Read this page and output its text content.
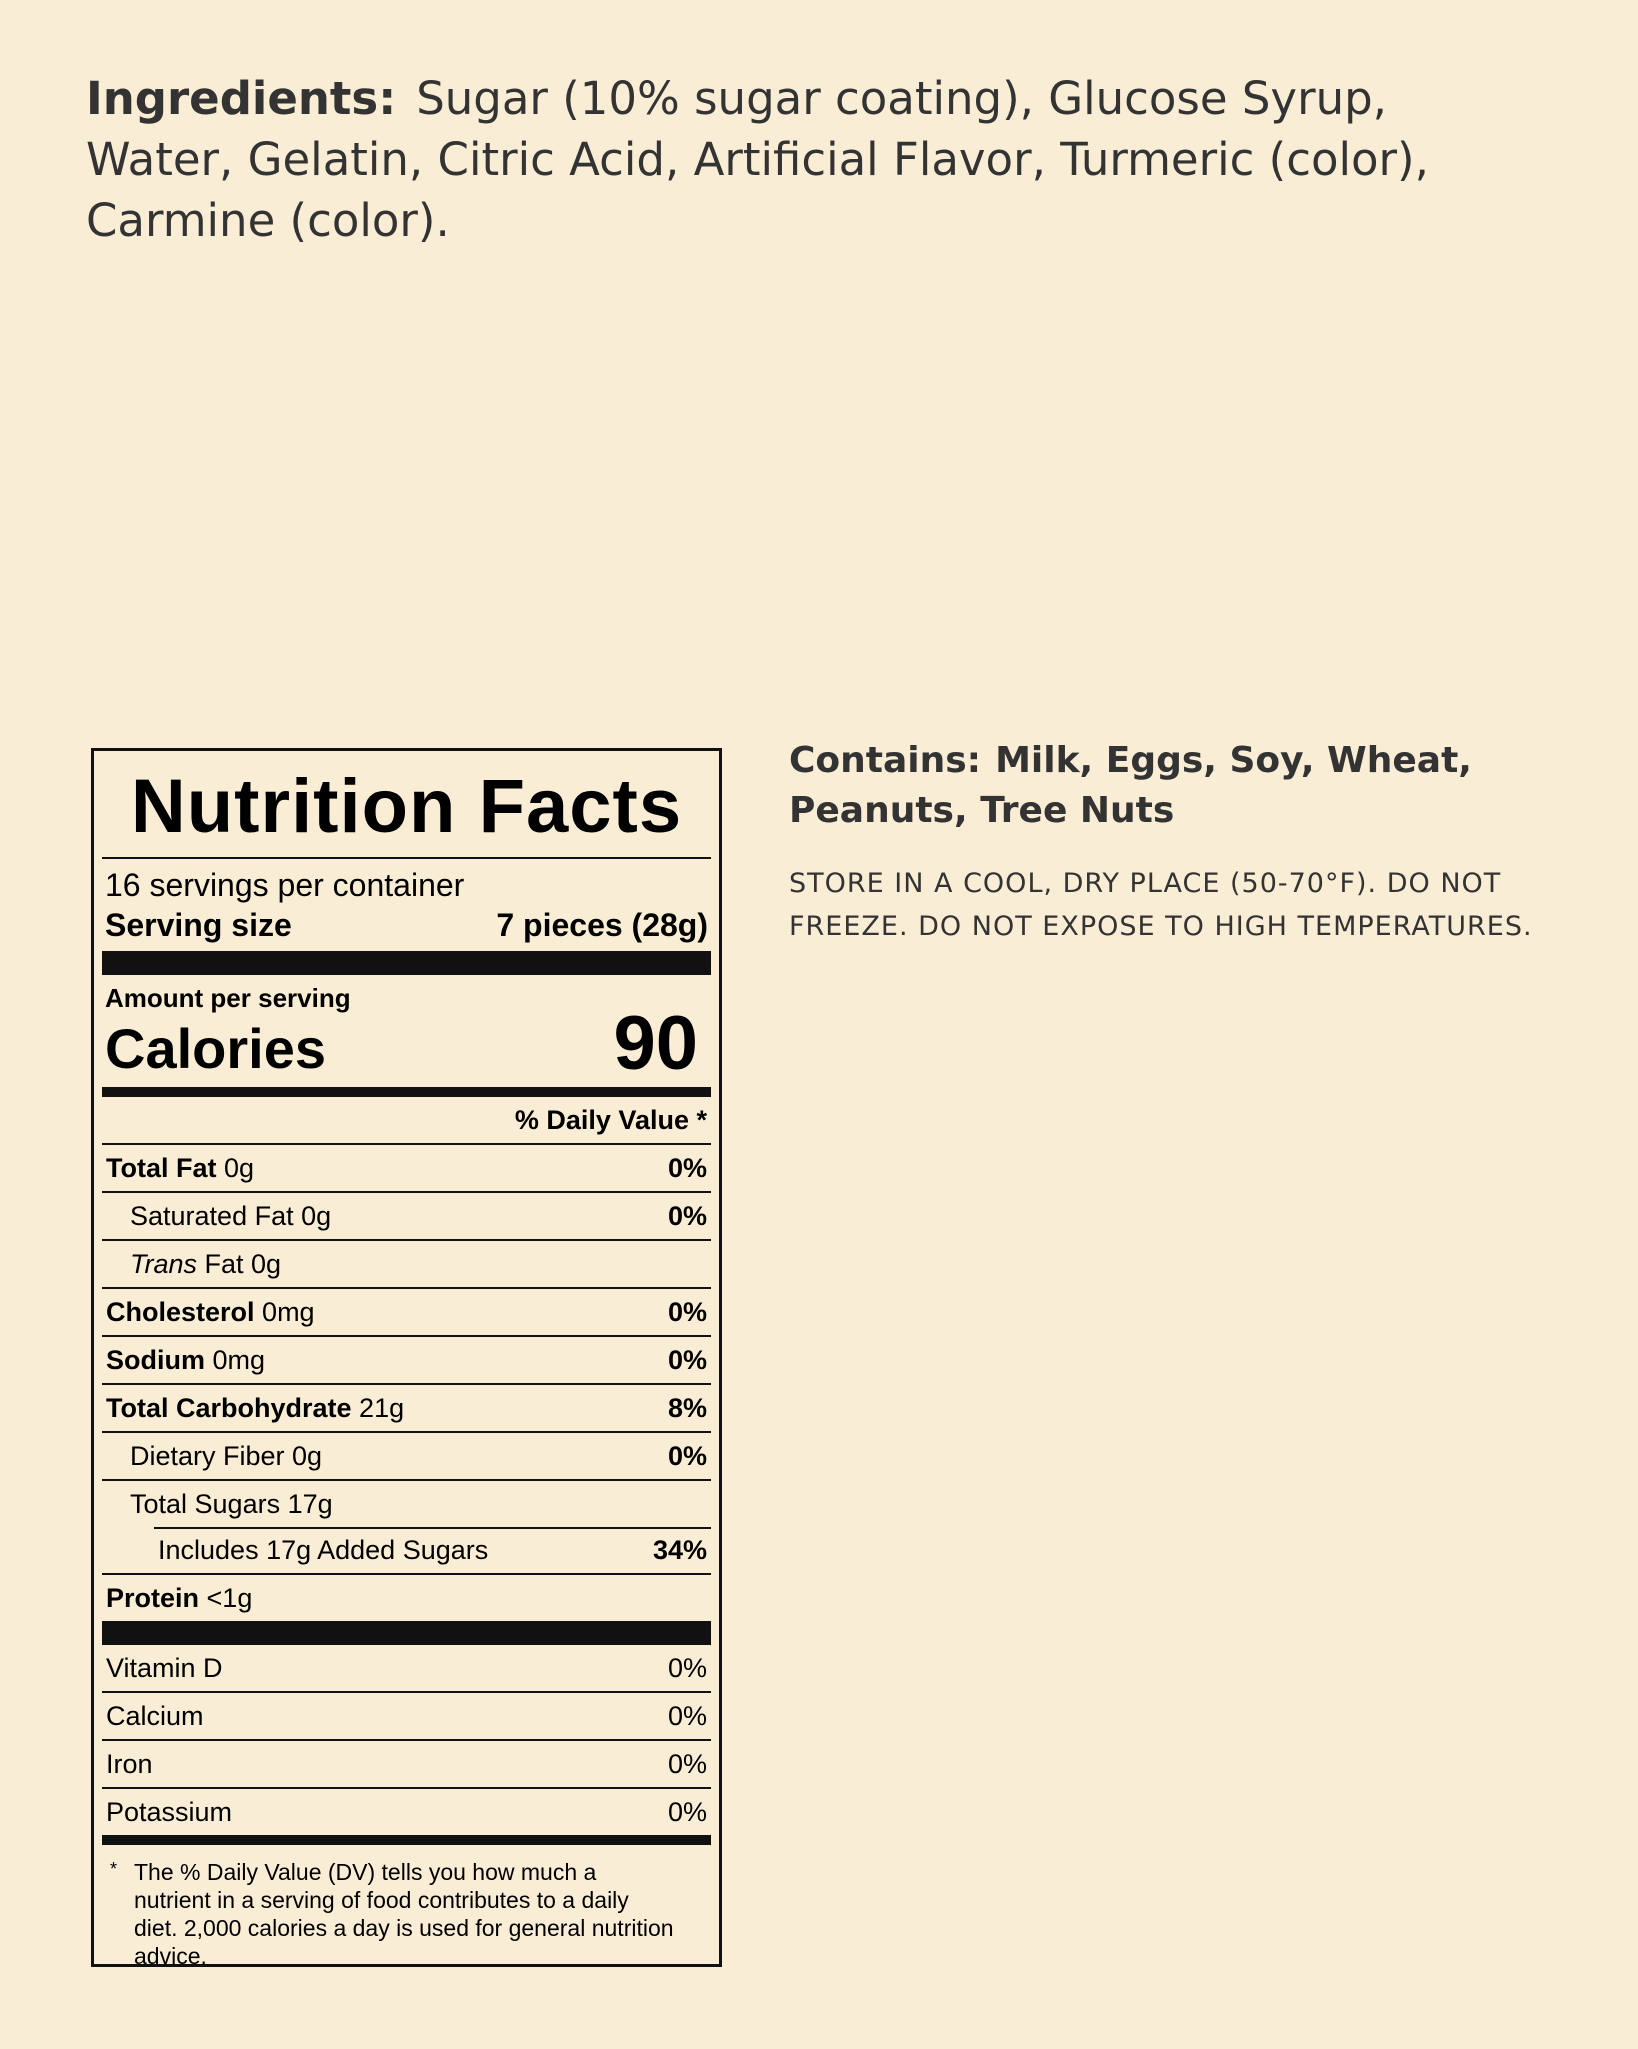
Ingredients: Sugar (10% sugar coating), Glucose Syrup, Water, Gelatin, Citric Acid, Artificial Flavor, Turmeric (color), Carmine (color).
Nutrition Facts
16 servings per container
Serving size	7 pieces (28g)
Amount per serving
Calories	90
% Daily Value *
Total Fat 0g	0%
Saturated Fat 0g	0%
Trans Fat 0g
Cholesterol 0mg	0%
Sodium 0mg	0%
Total Carbohydrate 21g	8%
Dietary Fiber 0g	0%
Total Sugars 17g
Includes 17g Added Sugars	34%
Protein <1g
Vitamin D	0%
Calcium	0%
Iron	0%
Potassium	0%
* The % Daily Value (DV) tells you how much a nutrient in a serving of food contributes to a daily diet. 2,000 calories a day is used for general nutrition advice.
Contains: Milk, Eggs, Soy, Wheat, Peanuts, Tree Nuts
STORE IN A COOL, DRY PLACE (50-70°F). DO NOT FREEZE. DO NOT EXPOSE TO HIGH TEMPERATURES.
